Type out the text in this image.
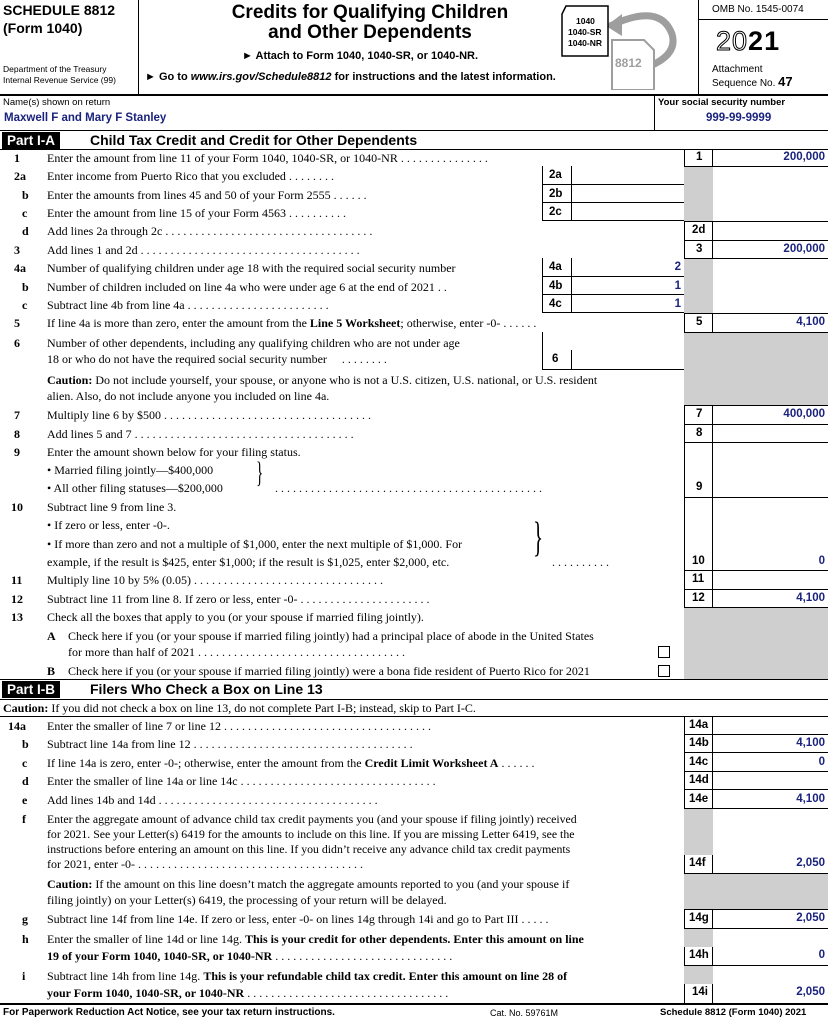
SCHEDULE 8812
(Form 1040)
Department of the Treasury
Internal Revenue Service (99)
Credits for Qualifying Children
and Other Dependents
► Attach to Form 1040, 1040-SR, or 1040-NR.
► Go to www.irs.gov/Schedule8812 for instructions and the latest information.
1040
1040-SR
1040-NR
8812
OMB No. 1545-0074
2021
Attachment
Sequence No. 47
Name(s) shown on return
Maxwell F and Mary F Stanley
Your social security number
999-99-9999
Part I-A	Child Tax Credit and Credit for Other Dependents
1 Enter the amount from line 11 of your Form 1040, 1040-SR, or 1040-NR . . . . . . . . . . . . . . .	1	200,000
2a Enter income from Puerto Rico that you excluded . . . . . . . .	2a
b Enter the amounts from lines 45 and 50 of your Form 2555 . . . . . .	2b
c Enter the amount from line 15 of your Form 4563 . . . . . . . . . .	2c
d Add lines 2a through 2c . . . . . . . . . . . . . . . . . . . . . . . . . . . . . . . . . . .	2d
3 Add lines 1 and 2d . . . . . . . . . . . . . . . . . . . . . . . . . . . . . . . . . . . . .	3	200,000
4a Number of qualifying children under age 18 with the required social security number	4a	2
b Number of children included on line 4a who were under age 6 at the end of 2021 . .	4b	1
c Subtract line 4b from line 4a . . . . . . . . . . . . . . . . . . . . . . . .	4c	1
5 If line 4a is more than zero, enter the amount from the Line 5 Worksheet; otherwise, enter -0- . . . . . .	5	4,100
6 Number of other dependents, including any qualifying children who are not under age
18 or who do not have the required social security number . . . . . . . .	6
Caution: Do not include yourself, your spouse, or anyone who is not a U.S. citizen, U.S. national, or U.S. resident
alien. Also, do not include anyone you included on line 4a.
7 Multiply line 6 by $500 . . . . . . . . . . . . . . . . . . . . . . . . . . . . . . . . . . .	7	400,000
8 Add lines 5 and 7 . . . . . . . . . . . . . . . . . . . . . . . . . . . . . . . . . . . . .	8
9 Enter the amount shown below for your filing status.
• Married filing jointly—$400,000
• All other filing statuses—$200,000 } . . . . . . . . . . . . . . . . . . . . . . . . . . . . . . . . . . . . . . . . . . . . .	9
10 Subtract line 9 from line 3.
• If zero or less, enter -0-.
• If more than zero and not a multiple of $1,000, enter the next multiple of $1,000. For
example, if the result is $425, enter $1,000; if the result is $1,025, enter $2,000, etc.
}
. . . . . . . . . .	10	0
11 Multiply line 10 by 5% (0.05) . . . . . . . . . . . . . . . . . . . . . . . . . . . . . . . .	11
12 Subtract line 11 from line 8. If zero or less, enter -0- . . . . . . . . . . . . . . . . . . . . . .	12	4,100
13 Check all the boxes that apply to you (or your spouse if married filing jointly).
A Check here if you (or your spouse if married filing jointly) had a principal place of abode in the United States
for more than half of 2021 . . . . . . . . . . . . . . . . . . . . . . . . . . . . . . . . . . .
B Check here if you (or your spouse if married filing jointly) were a bona fide resident of Puerto Rico for 2021
Part I-B	Filers Who Check a Box on Line 13
Caution: If you did not check a box on line 13, do not complete Part I-B; instead, skip to Part I-C.
14a Enter the smaller of line 7 or line 12 . . . . . . . . . . . . . . . . . . . . . . . . . . . . . . . . . . .	14a
b Subtract line 14a from line 12 . . . . . . . . . . . . . . . . . . . . . . . . . . . . . . . . . . . . .	14b	4,100
c If line 14a is zero, enter -0-; otherwise, enter the amount from the Credit Limit Worksheet A . . . . . .	14c	0
d Enter the smaller of line 14a or line 14c . . . . . . . . . . . . . . . . . . . . . . . . . . . . . . . . .	14d
e Add lines 14b and 14d . . . . . . . . . . . . . . . . . . . . . . . . . . . . . . . . . . . . .	14e	4,100
f Enter the aggregate amount of advance child tax credit payments you (and your spouse if filing jointly) received
for 2021. See your Letter(s) 6419 for the amounts to include on this line. If you are missing Letter 6419, see the
instructions before entering an amount on this line. If you didn’t receive any advance child tax credit payments
for 2021, enter -0- . . . . . . . . . . . . . . . . . . . . . . . . . . . . . . . . . . . . . .	14f	2,050
Caution: If the amount on this line doesn’t match the aggregate amounts reported to you (and your spouse if
filing jointly) on your Letter(s) 6419, the processing of your return will be delayed.
g Subtract line 14f from line 14e. If zero or less, enter -0- on lines 14g through 14i and go to Part III . . . . .	14g	2,050
h Enter the smaller of line 14d or line 14g. This is your credit for other dependents. Enter this amount on line
19 of your Form 1040, 1040-SR, or 1040-NR . . . . . . . . . . . . . . . . . . . . . . . . . . . . . .	14h	0
i Subtract line 14h from line 14g. This is your refundable child tax credit. Enter this amount on line 28 of
your Form 1040, 1040-SR, or 1040-NR . . . . . . . . . . . . . . . . . . . . . . . . . . . . . . . . . .	14i	2,050
For Paperwork Reduction Act Notice, see your tax return instructions.	Cat. No. 59761M	Schedule 8812 (Form 1040) 2021
